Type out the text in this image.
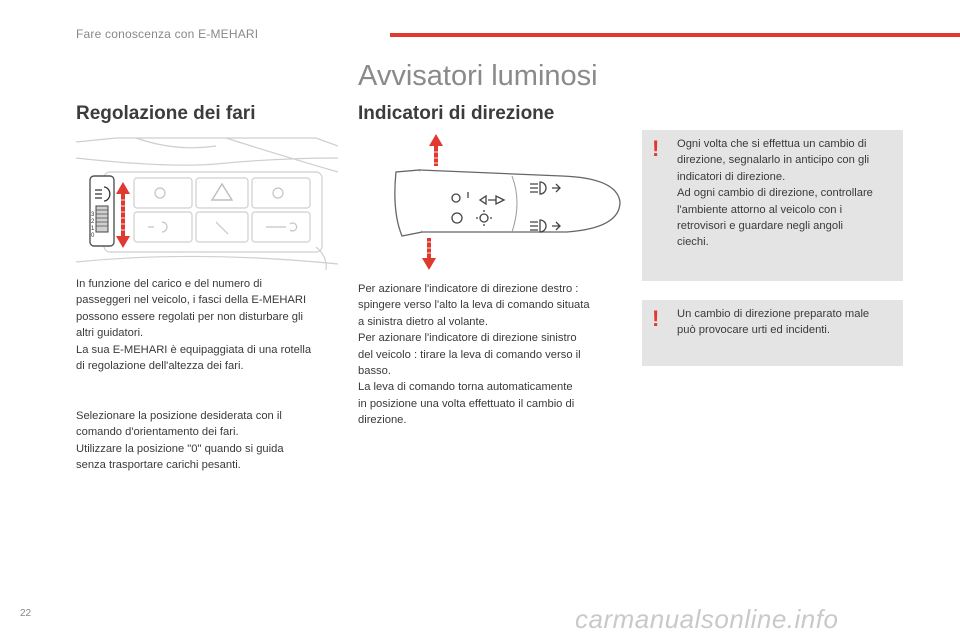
Fare conoscenza con E-MEHARI
Avvisatori luminosi
Regolazione dei fari
0
1
2
3

In funzione del carico e del numero di

passeggeri nel veicolo, i fasci della E-MEHARI

possono essere regolati per non disturbare gli

altri guidatori.

La sua E-MEHARI è equipaggiata di una rotella

di regolazione dell'altezza dei fari.

Selezionare la posizione desiderata con il

comando d'orientamento dei fari.

Utilizzare la posizione "0" quando si guida

senza trasportare carichi pesanti.

Indicatori di direzione

Per azionare l'indicatore di direzione destro :

spingere verso l'alto la leva di comando situata

a sinistra dietro al volante.

Per azionare l'indicatore di direzione sinistro

del veicolo : tirare la leva di comando verso il

basso.

La leva di comando torna automaticamente

in posizione una volta effettuato il cambio di

direzione.

! Ogni volta che si effettua un cambio di
direzione, segnalarlo in anticipo con gli
indicatori di direzione.
Ad ogni cambio di direzione, controllare
l'ambiente attorno al veicolo con i
retrovisori e guardare negli angoli
ciechi.
! Un cambio di direzione preparato male
può provocare urti ed incidenti.
22	carmanualsonline.info
